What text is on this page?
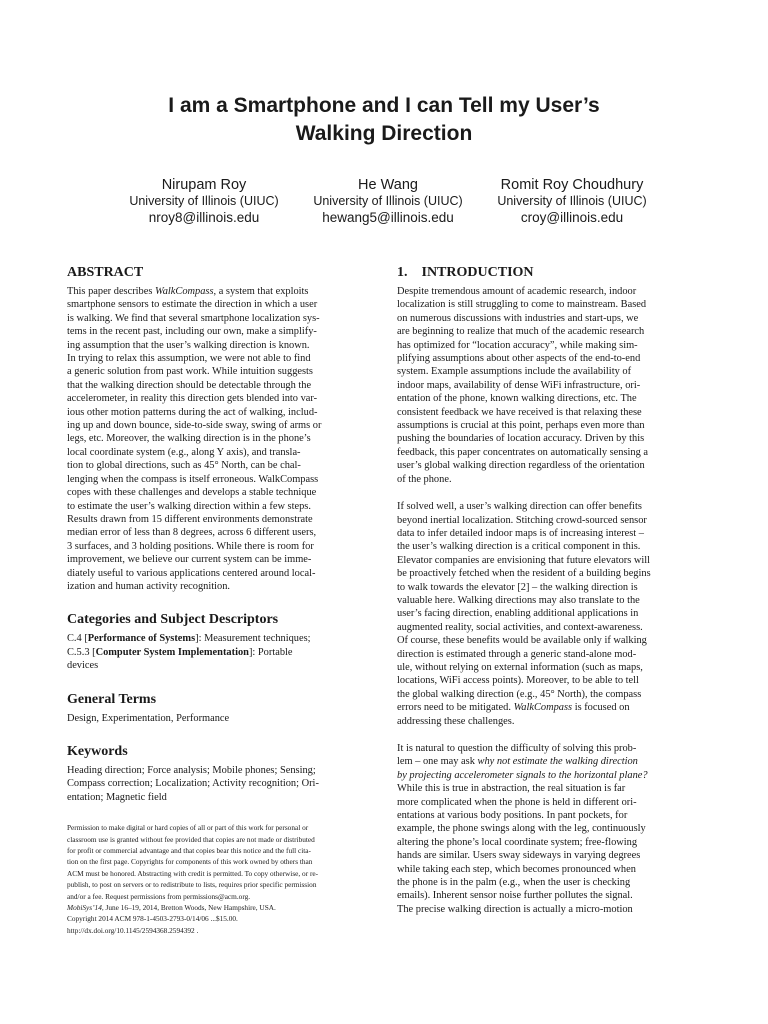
I am a Smartphone and I can Tell my User’s
Walking Direction
Nirupam Roy
University of Illinois (UIUC)
nroy8@illinois.edu
He Wang
University of Illinois (UIUC)
hewang5@illinois.edu
Romit Roy Choudhury
University of Illinois (UIUC)
croy@illinois.edu
ABSTRACT
This paper describes WalkCompass, a system that exploits
smartphone sensors to estimate the direction in which a user
is walking. We find that several smartphone localization sys-
tems in the recent past, including our own, make a simplify-
ing assumption that the user’s walking direction is known.
In trying to relax this assumption, we were not able to find
a generic solution from past work. While intuition suggests
that the walking direction should be detectable through the
accelerometer, in reality this direction gets blended into var-
ious other motion patterns during the act of walking, includ-
ing up and down bounce, side-to-side sway, swing of arms or
legs, etc. Moreover, the walking direction is in the phone’s
local coordinate system (e.g., along Y axis), and transla-
tion to global directions, such as 45° North, can be chal-
lenging when the compass is itself erroneous. WalkCompass
copes with these challenges and develops a stable technique
to estimate the user’s walking direction within a few steps.
Results drawn from 15 different environments demonstrate
median error of less than 8 degrees, across 6 different users,
3 surfaces, and 3 holding positions. While there is room for
improvement, we believe our current system can be imme-
diately useful to various applications centered around local-
ization and human activity recognition.
Categories and Subject Descriptors
C.4 [Performance of Systems]: Measurement techniques;
C.5.3 [Computer System Implementation]: Portable
devices
General Terms
Design, Experimentation, Performance
Keywords
Heading direction; Force analysis; Mobile phones; Sensing;
Compass correction; Localization; Activity recognition; Ori-
entation; Magnetic field
Permission to make digital or hard copies of all or part of this work for personal or
classroom use is granted without fee provided that copies are not made or distributed
for profit or commercial advantage and that copies bear this notice and the full cita-
tion on the first page. Copyrights for components of this work owned by others than
ACM must be honored. Abstracting with credit is permitted. To copy otherwise, or re-
publish, to post on servers or to redistribute to lists, requires prior specific permission
and/or a fee. Request permissions from permissions@acm.org.
MobiSys’14, June 16–19, 2014, Bretton Woods, New Hampshire, USA.
Copyright 2014 ACM 978-1-4503-2793-0/14/06 ...$15.00.
http://dx.doi.org/10.1145/2594368.2594392 .
1.    INTRODUCTION
Despite tremendous amount of academic research, indoor
localization is still struggling to come to mainstream. Based
on numerous discussions with industries and start-ups, we
are beginning to realize that much of the academic research
has optimized for “location accuracy”, while making sim-
plifying assumptions about other aspects of the end-to-end
system. Example assumptions include the availability of
indoor maps, availability of dense WiFi infrastructure, ori-
entation of the phone, known walking directions, etc. The
consistent feedback we have received is that relaxing these
assumptions is crucial at this point, perhaps even more than
pushing the boundaries of location accuracy. Driven by this
feedback, this paper concentrates on automatically sensing a
user’s global walking direction regardless of the orientation
of the phone.
If solved well, a user’s walking direction can offer benefits
beyond inertial localization. Stitching crowd-sourced sensor
data to infer detailed indoor maps is of increasing interest –
the user’s walking direction is a critical component in this.
Elevator companies are envisioning that future elevators will
be proactively fetched when the resident of a building begins
to walk towards the elevator [2] – the walking direction is
valuable here. Walking directions may also translate to the
user’s facing direction, enabling additional applications in
augmented reality, social activities, and context-awareness.
Of course, these benefits would be available only if walking
direction is estimated through a generic stand-alone mod-
ule, without relying on external information (such as maps,
locations, WiFi access points). Moreover, to be able to tell
the global walking direction (e.g., 45° North), the compass
errors need to be mitigated. WalkCompass is focused on
addressing these challenges.
It is natural to question the difficulty of solving this prob-
lem – one may ask why not estimate the walking direction
by projecting accelerometer signals to the horizontal plane?
While this is true in abstraction, the real situation is far
more complicated when the phone is held in different ori-
entations at various body positions. In pant pockets, for
example, the phone swings along with the leg, continuously
altering the phone’s local coordinate system; free-flowing
hands are similar. Users sway sideways in varying degrees
while taking each step, which becomes pronounced when
the phone is in the palm (e.g., when the user is checking
emails). Inherent sensor noise further pollutes the signal.
The precise walking direction is actually a micro-motion
